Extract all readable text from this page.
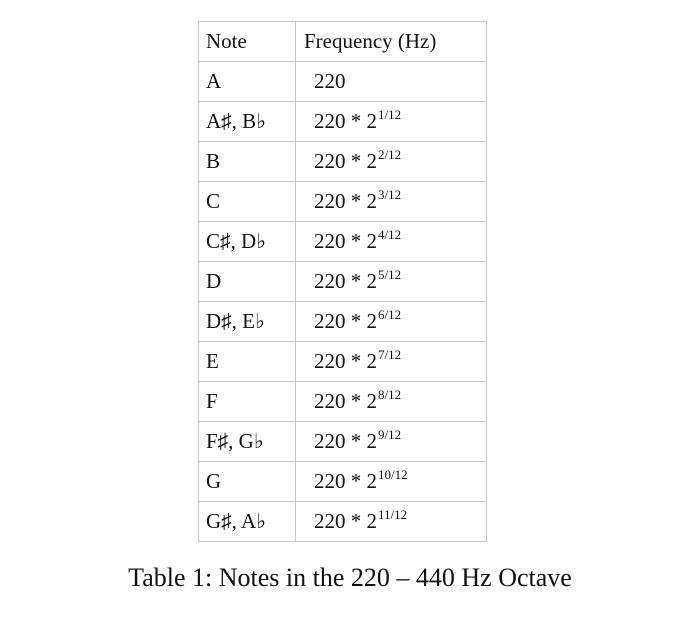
Note	Frequency (Hz)
A	220
A♯, B♭	$220 * 2^{1/12}$
B	$220 * 2^{2/12}$
C	$220 * 2^{3/12}$
C♯, D♭	$220 * 2^{4/12}$
D	$220 * 2^{5/12}$
D♯, E♭	$220 * 2^{6/12}$
E	$220 * 2^{7/12}$
F	$220 * 2^{8/12}$
F♯, G♭	$220 * 2^{9/12}$
G	$220 * 2^{10/12}$
G♯, A♭	$220 * 2^{11/12}$
Table 1: Notes in the 220 – 440 Hz Octave
